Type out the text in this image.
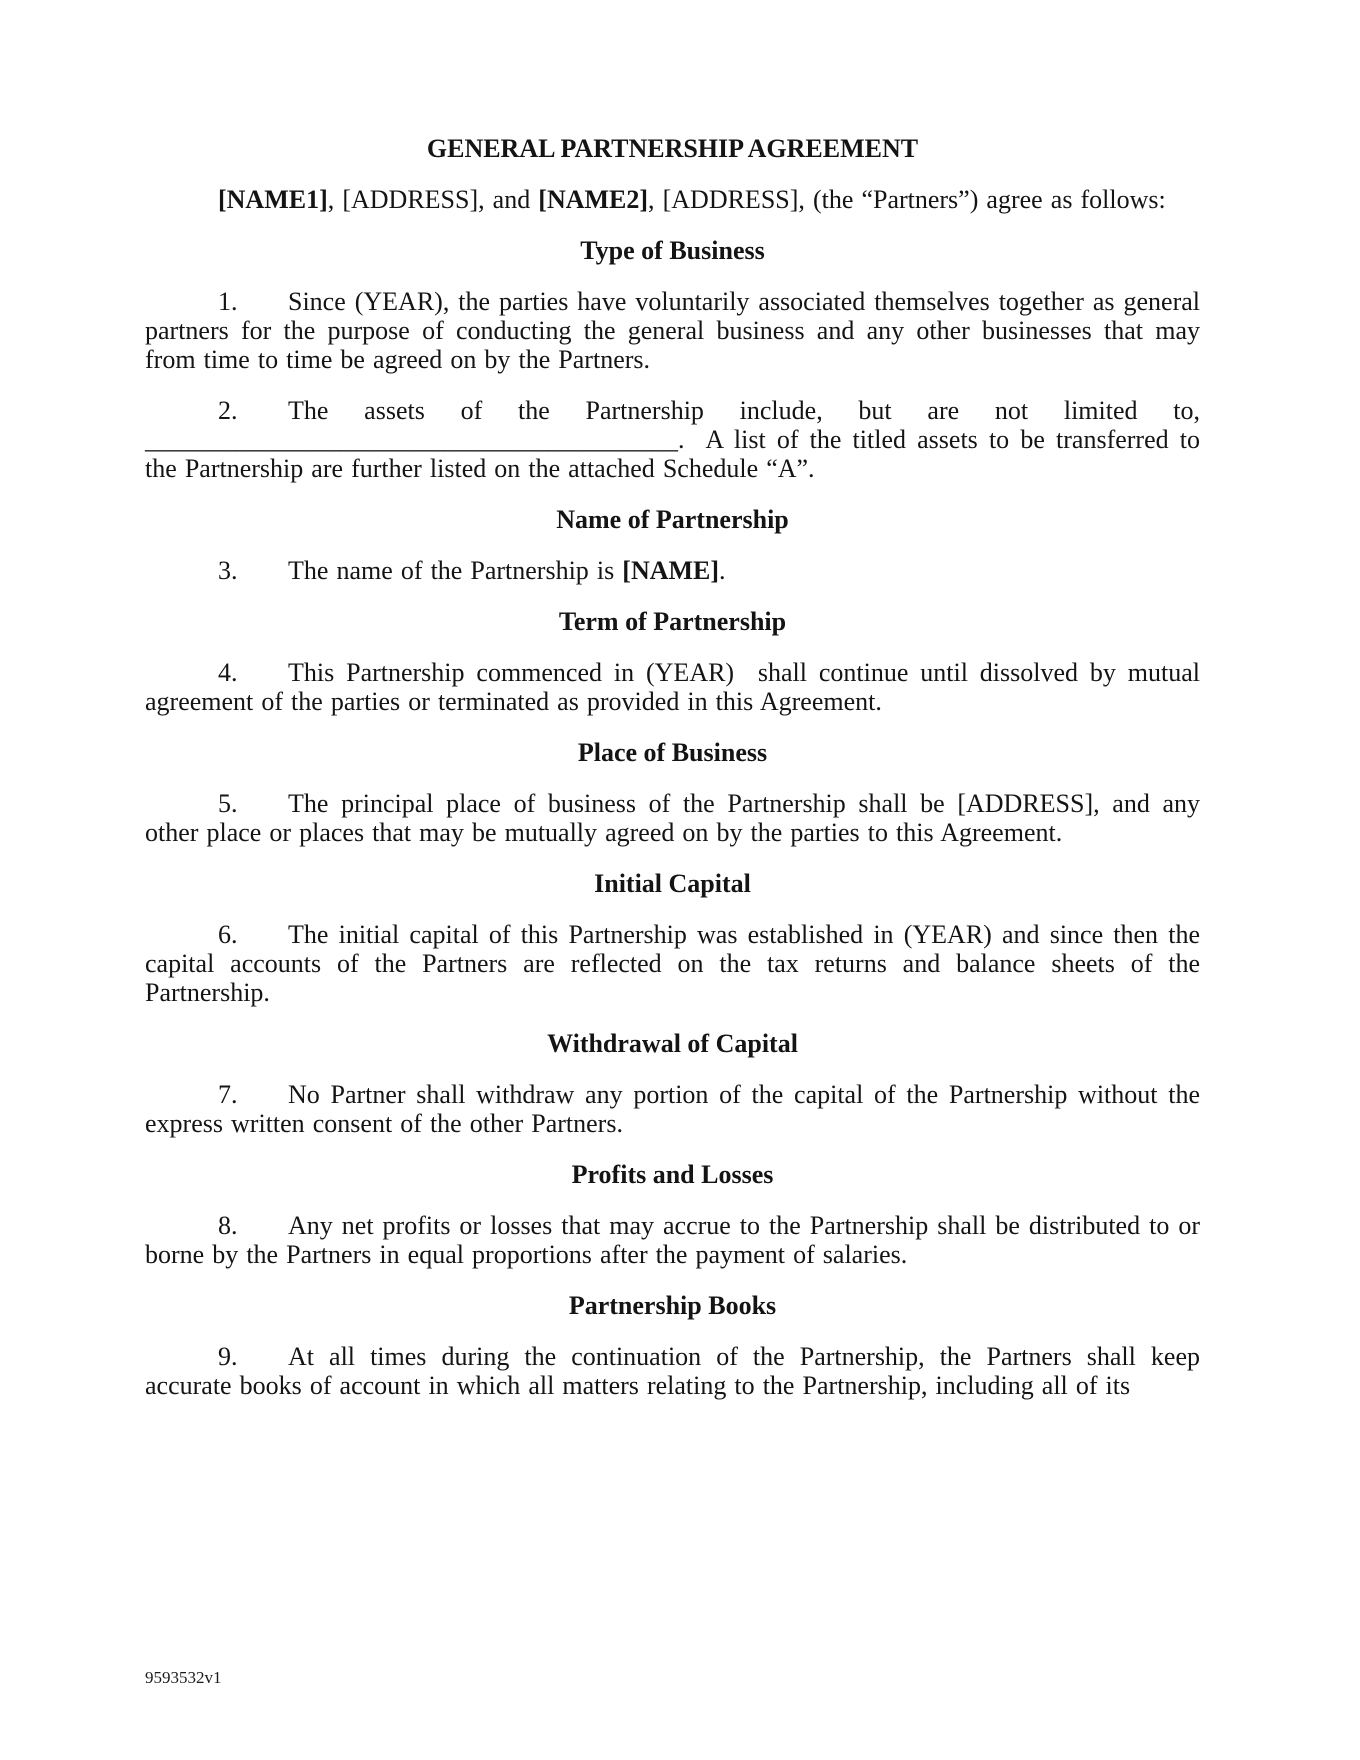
GENERAL PARTNERSHIP AGREEMENT

[NAME1], [ADDRESS], and [NAME2], [ADDRESS], (the “Partners”) agree as follows:

Type of Business

1. Since (YEAR), the parties have voluntarily associated themselves together as general partners for the purpose of conducting the general business and any other businesses that may from time to time be agreed on by the Partners.

2. The assets of the Partnership include, but are not limited to, _________________________________________.  A list of the titled assets to be transferred to the Partnership are further listed on the attached Schedule “A”.

Name of Partnership

3. The name of the Partnership is [NAME].

Term of Partnership

4. This Partnership commenced in (YEAR)  shall continue until dissolved by mutual agreement of the parties or terminated as provided in this Agreement.

Place of Business

5. The principal place of business of the Partnership shall be [ADDRESS], and any other place or places that may be mutually agreed on by the parties to this Agreement.

Initial Capital

6. The initial capital of this Partnership was established in (YEAR) and since then the capital accounts of the Partners are reflected on the tax returns and balance sheets of the Partnership.

Withdrawal of Capital

7. No Partner shall withdraw any portion of the capital of the Partnership without the express written consent of the other Partners.

Profits and Losses

8. Any net profits or losses that may accrue to the Partnership shall be distributed to or borne by the Partners in equal proportions after the payment of salaries.

Partnership Books

9. At all times during the continuation of the Partnership, the Partners shall keep accurate books of account in which all matters relating to the Partnership, including all of its

9593532v1
